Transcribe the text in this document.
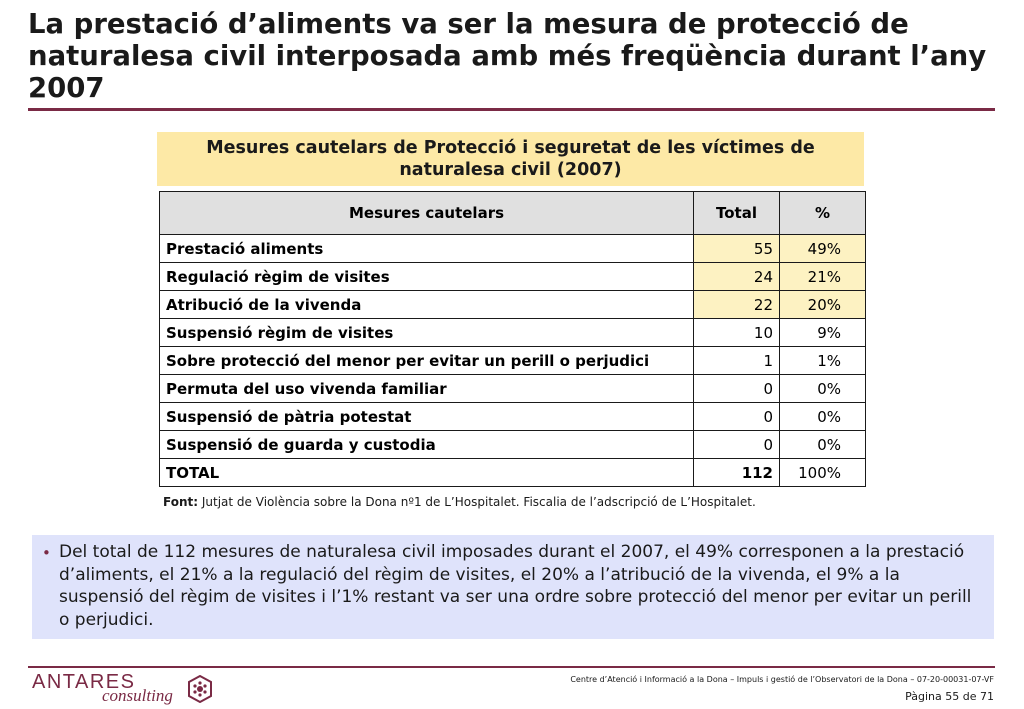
La prestació d’aliments va ser la mesura de protecció de naturalesa civil interposada amb més freqüència durant l’any 2007
Mesures cautelars de Protecció i seguretat de les víctimes de
naturalesa civil (2007)
Mesures cautelars	Total	%
Prestació aliments	55	49%
Regulació règim de visites	24	21%
Atribució de la vivenda	22	20%
Suspensió règim de visites	10	9%
Sobre protecció del menor per evitar un perill o perjudici	1	1%
Permuta del uso vivenda familiar	0	0%
Suspensió de pàtria potestat	0	0%
Suspensió de guarda y custodia	0	0%
TOTAL	112	100%
Font: Jutjat de Violència sobre la Dona nº1 de L’Hospitalet. Fiscalia de l’adscripció de L’Hospitalet.
• Del total de 112 mesures de naturalesa civil imposades durant el 2007, el 49% corresponen a la prestació d’aliments, el 21% a la regulació del règim de visites, el 20% a l’atribució de la vivenda, el 9% a la suspensió del règim de visites i l’1% restant va ser una ordre sobre protecció del menor per evitar un perill o perjudici.
ANTARES
consulting
Centre d’Atenció i Informació a la Dona – Impuls i gestió de l’Observatori de la Dona – 07-20-00031-07-VF
Pàgina 55 de 71
